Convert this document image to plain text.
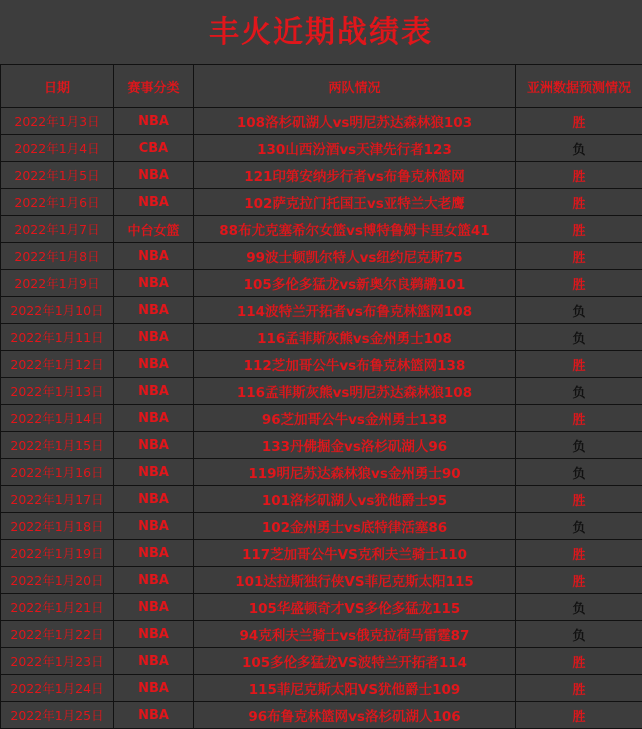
丰火近期战绩表
日期	赛事分类	两队情况	亚洲数据预测情况
2022年1月3日	NBA	108洛杉矶湖人vs明尼苏达森林狼103	胜
2022年1月4日	CBA	130山西汾酒vs天津先行者123	负
2022年1月5日	NBA	121印第安纳步行者vs布鲁克林篮网	胜
2022年1月6日	NBA	102萨克拉门托国王vs亚特兰大老鹰	胜
2022年1月7日	中台女篮	88布尤克塞希尔女篮vs博特鲁姆卡里女篮41	胜
2022年1月8日	NBA	99波士顿凯尔特人vs纽约尼克斯75	胜
2022年1月9日	NBA	105多伦多猛龙vs新奥尔良鹈鹕101	胜
2022年1月10日	NBA	114波特兰开拓者vs布鲁克林篮网108	负
2022年1月11日	NBA	116孟菲斯灰熊vs金州勇士108	负
2022年1月12日	NBA	112芝加哥公牛vs布鲁克林篮网138	胜
2022年1月13日	NBA	116孟菲斯灰熊vs明尼苏达森林狼108	负
2022年1月14日	NBA	96芝加哥公牛vs金州勇士138	胜
2022年1月15日	NBA	133丹佛掘金vs洛杉矶湖人96	负
2022年1月16日	NBA	119明尼苏达森林狼vs金州勇士90	负
2022年1月17日	NBA	101洛杉矶湖人vs犹他爵士95	胜
2022年1月18日	NBA	102金州勇士vs底特律活塞86	负
2022年1月19日	NBA	117芝加哥公牛VS克利夫兰骑士110	胜
2022年1月20日	NBA	101达拉斯独行侠VS菲尼克斯太阳115	胜
2022年1月21日	NBA	105华盛顿奇才VS多伦多猛龙115	负
2022年1月22日	NBA	94克利夫兰骑士vs俄克拉荷马雷霆87	负
2022年1月23日	NBA	105多伦多猛龙VS波特兰开拓者114	胜
2022年1月24日	NBA	115菲尼克斯太阳VS犹他爵士109	胜
2022年1月25日	NBA	96布鲁克林篮网vs洛杉矶湖人106	胜
